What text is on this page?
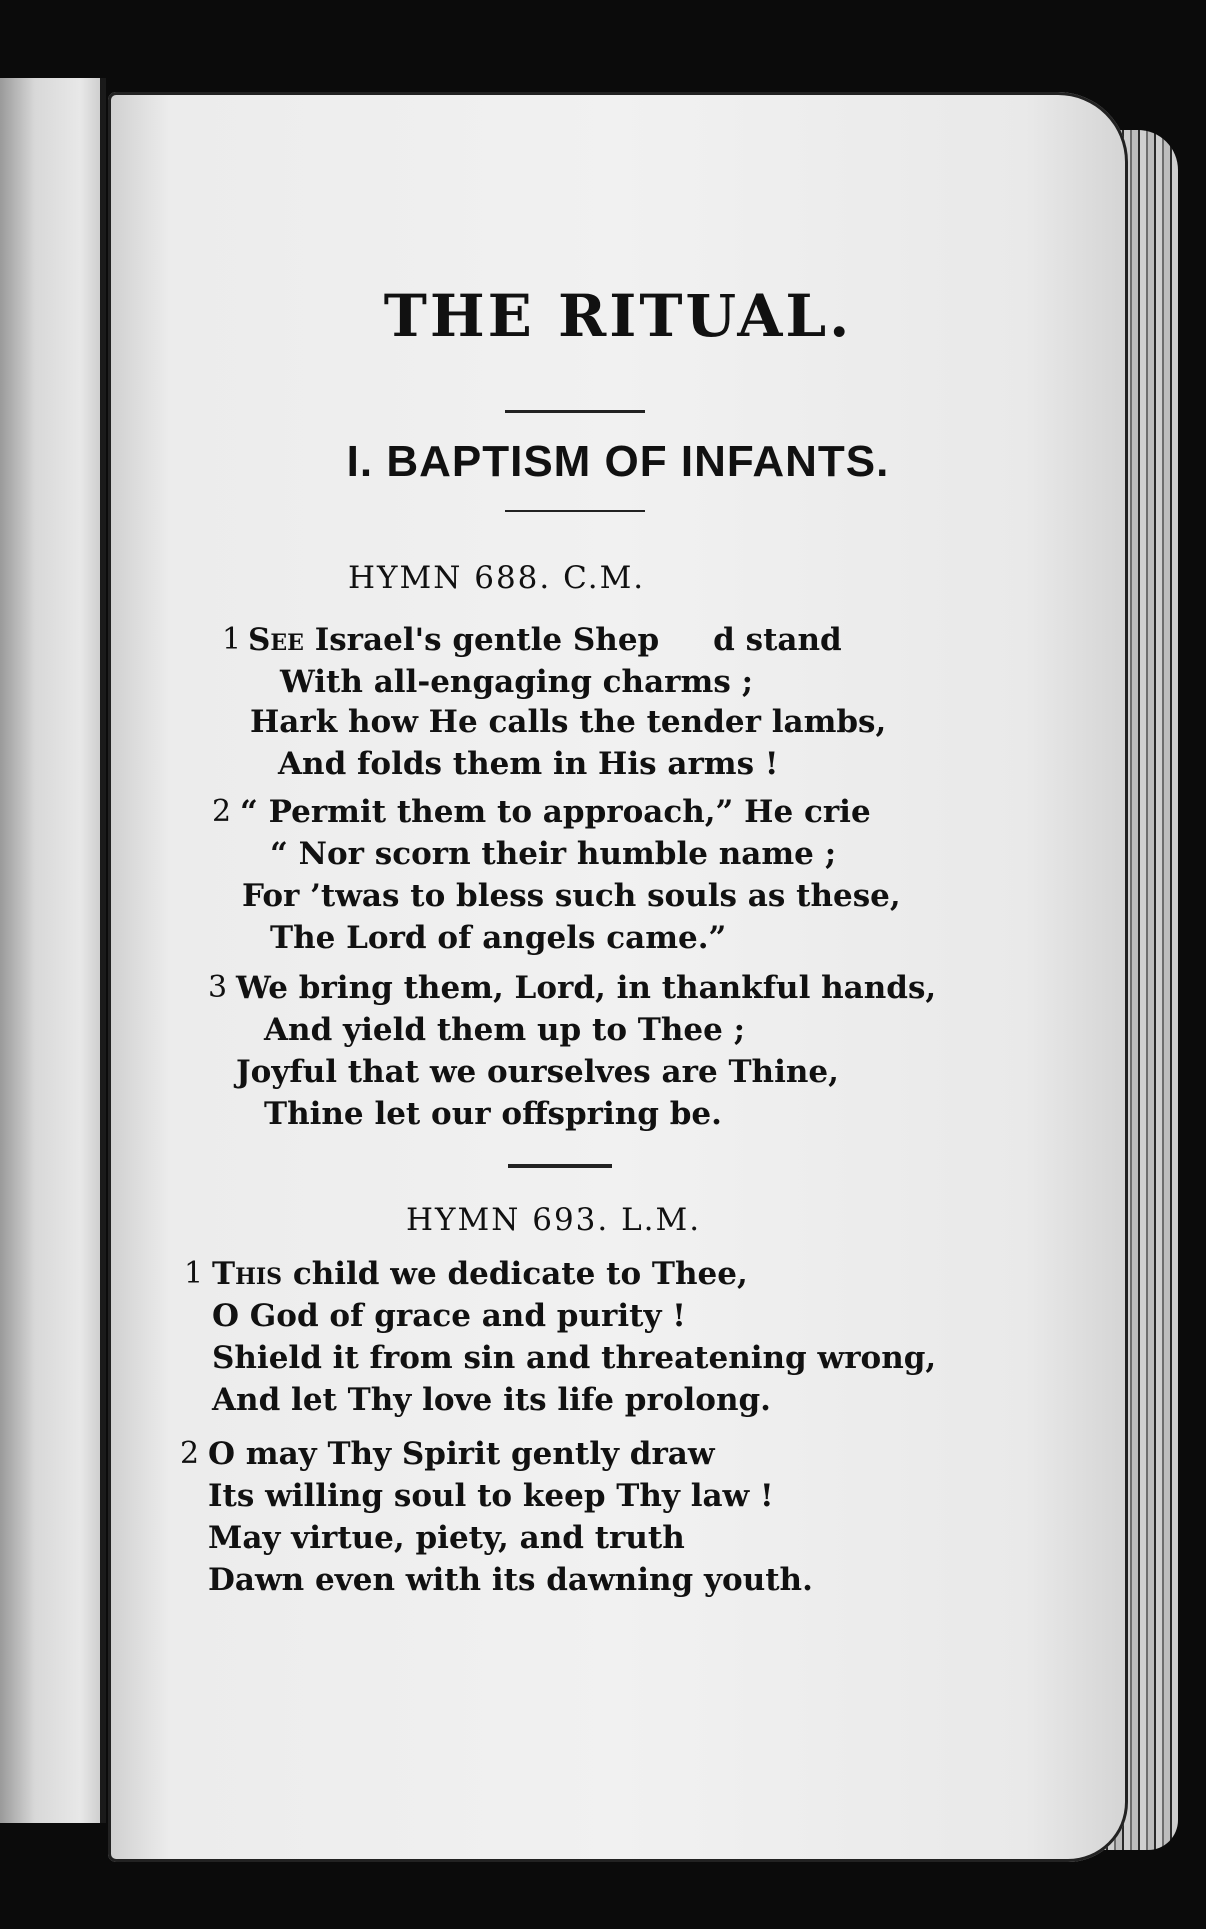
THE RITUAL.
I. BAPTISM OF INFANTS.

HYMN 688. C.M.

1 See Israel's gentle Shep     d stand
With all-engaging charms ;
Hark how He calls the tender lambs,
And folds them in His arms !
2 “ Permit them to approach,” He crie
“ Nor scorn their humble name ;
For ’twas to bless such souls as these,
The Lord of angels came.”
3 We bring them, Lord, in thankful hands,
And yield them up to Thee ;
Joyful that we ourselves are Thine,
Thine let our offspring be.

HYMN 693. L.M.

1 This child we dedicate to Thee,
O God of grace and purity !
Shield it from sin and threatening wrong,
And let Thy love its life prolong.
2 O may Thy Spirit gently draw
Its willing soul to keep Thy law !
May virtue, piety, and truth
Dawn even with its dawning youth.
